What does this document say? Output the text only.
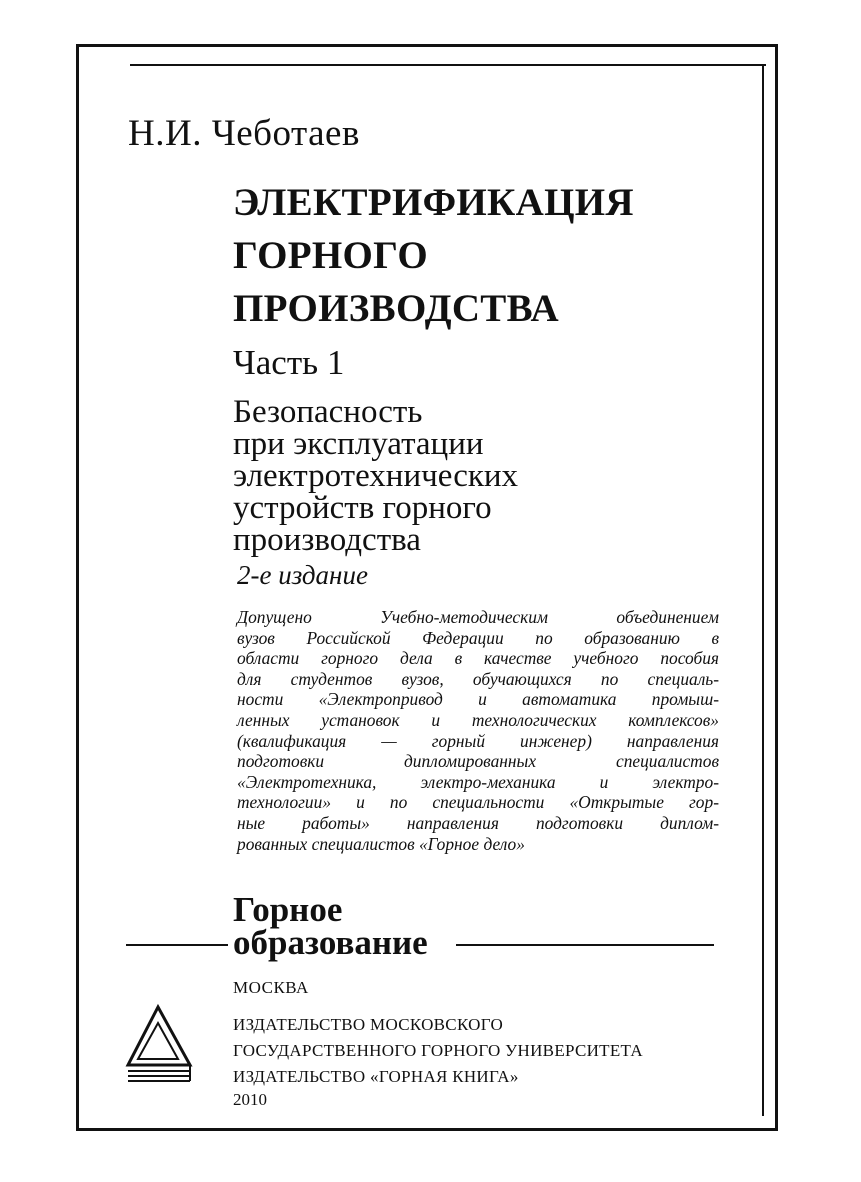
Н.И. Чеботаев
ЭЛЕКТРИФИКАЦИЯ
ГОРНОГО
ПРОИЗВОДСТВА
Часть 1
Безопасность
при эксплуатации
электротехнических
устройств горного
производства
2-е издание
Допущено Учебно-методическим объединением
вузов Российской Федерации по образованию в
области горного дела в качестве учебного пособия
для студентов вузов, обучающихся по специаль-
ности «Электропривод и автоматика промыш-
ленных установок и технологических комплексов»
(квалификация — горный инженер) направления
подготовки дипломированных специалистов
«Электротехника, электро-механика и электро-
технологии» и по специальности «Открытые гор-
ные работы» направления подготовки диплом-
рованных специалистов «Горное дело»
Горное
образование
МОСКВА
ИЗДАТЕЛЬСТВО МОСКОВСКОГО
ГОСУДАРСТВЕННОГО ГОРНОГО УНИВЕРСИТЕТА
ИЗДАТЕЛЬСТВО «ГОРНАЯ КНИГА»
2010
